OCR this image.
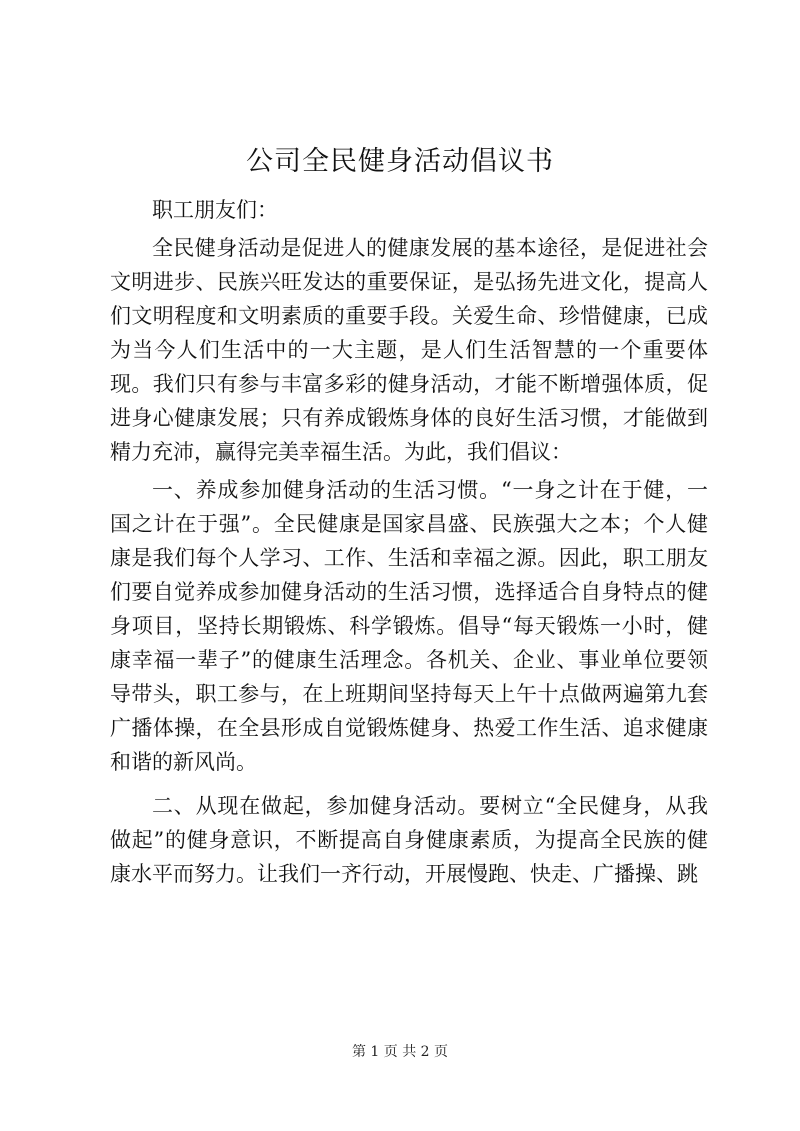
公司全民健身活动倡议书

职工朋友们：

全民健身活动是促进人的健康发展的基本途径，是促进社会文明进步、民族兴旺发达的重要保证，是弘扬先进文化，提高人们文明程度和文明素质的重要手段。关爱生命、珍惜健康，已成为当今人们生活中的一大主题，是人们生活智慧的一个重要体现。我们只有参与丰富多彩的健身活动，才能不断增强体质，促进身心健康发展；只有养成锻炼身体的良好生活习惯，才能做到精力充沛，赢得完美幸福生活。为此，我们倡议：

一、养成参加健身活动的生活习惯。“一身之计在于健，一国之计在于强”。全民健康是国家昌盛、民族强大之本；个人健康是我们每个人学习、工作、生活和幸福之源。因此，职工朋友们要自觉养成参加健身活动的生活习惯，选择适合自身特点的健身项目，坚持长期锻炼、科学锻炼。倡导“每天锻炼一小时，健康幸福一辈子”的健康生活理念。各机关、企业、事业单位要领导带头，职工参与，在上班期间坚持每天上午十点做两遍第九套广播体操，在全县形成自觉锻炼健身、热爱工作生活、追求健康和谐的新风尚。

二、从现在做起，参加健身活动。要树立“全民健身，从我做起”的健身意识，不断提高自身健康素质，为提高全民族的健康水平而努力。让我们一齐行动，开展慢跑、快走、广播操、跳

第 1 页 共 2 页
